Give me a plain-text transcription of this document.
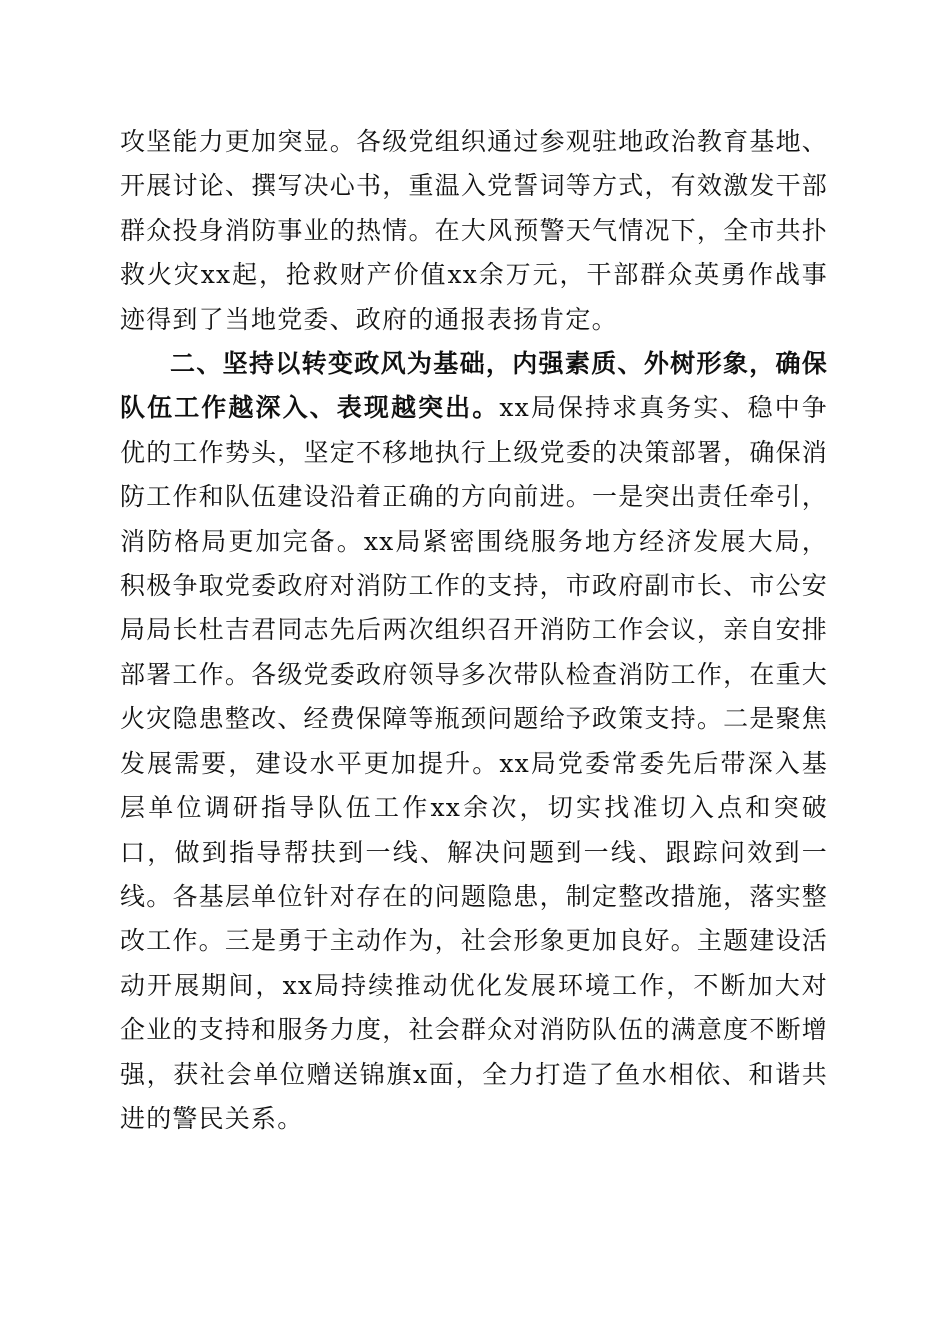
攻坚能力更加突显。各级党组织通过参观驻地政治教育基地、开展讨论、撰写决心书，重温入党誓词等方式，有效激发干部群众投身消防事业的热情。在大风预警天气情况下，全市共扑救火灾xx起，抢救财产价值xx余万元，干部群众英勇作战事迹得到了当地党委、政府的通报表扬肯定。

二、坚持以转变政风为基础，内强素质、外树形象，确保队伍工作越深入、表现越突出。xx局保持求真务实、稳中争优的工作势头，坚定不移地执行上级党委的决策部署，确保消防工作和队伍建设沿着正确的方向前进。一是突出责任牵引，消防格局更加完备。xx局紧密围绕服务地方经济发展大局，积极争取党委政府对消防工作的支持，市政府副市长、市公安局局长杜吉君同志先后两次组织召开消防工作会议，亲自安排部署工作。各级党委政府领导多次带队检查消防工作，在重大火灾隐患整改、经费保障等瓶颈问题给予政策支持。二是聚焦发展需要，建设水平更加提升。xx局党委常委先后带深入基层单位调研指导队伍工作xx余次，切实找准切入点和突破口，做到指导帮扶到一线、解决问题到一线、跟踪问效到一线。各基层单位针对存在的问题隐患，制定整改措施，落实整改工作。三是勇于主动作为，社会形象更加良好。主题建设活动开展期间，xx局持续推动优化发展环境工作，不断加大对企业的支持和服务力度，社会群众对消防队伍的满意度不断增强，获社会单位赠送锦旗x面，全力打造了鱼水相依、和谐共进的警民关系。
